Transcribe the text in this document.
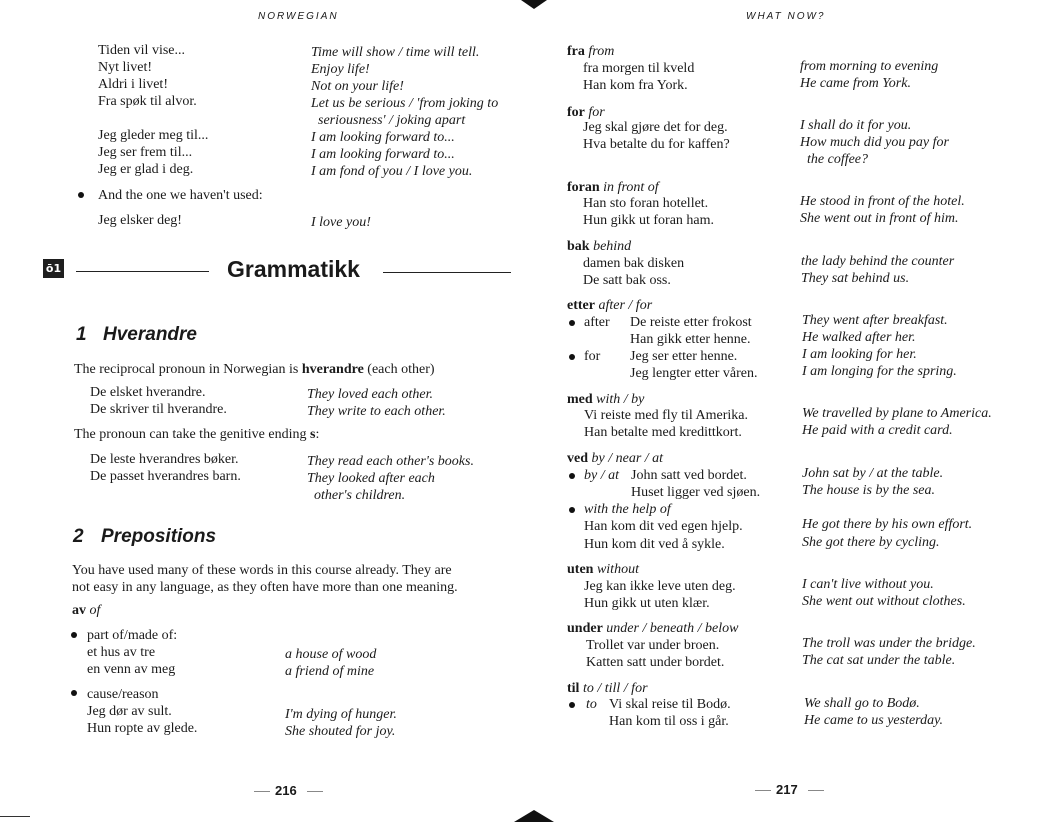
NORWEGIAN
Tiden vil vise...	Time will show / time will tell.
Nyt livet!	Enjoy life!
Aldri i livet!	Not on your life!
Fra spøk til alvor.	Let us be serious / 'from joking to
seriousness' / joking apart
Jeg gleder meg til...	I am looking forward to...
Jeg ser frem til...	I am looking forward to...
Jeg er glad i deg.	I am fond of you / I love you.
And the one we haven't used:
Jeg elsker deg!	I love you!
ō1	Grammatikk
1 Hverandre
The reciprocal pronoun in Norwegian is hverandre (each other)
De elsket hverandre.	They loved each other.
De skriver til hverandre.	They write to each other.
The pronoun can take the genitive ending s:
De leste hverandres bøker.	They read each other's books.
De passet hverandres barn.	They looked after each
other's children.
2 Prepositions
You have used many of these words in this course already. They are
not easy in any language, as they often have more than one meaning.
av of
part of/made of:
et hus av tre	a house of wood
en venn av meg	a friend of mine
cause/reason
Jeg dør av sult.	I'm dying of hunger.
Hun ropte av glede.	She shouted for joy.
216
WHAT NOW?
fra from
fra morgen til kveld	from morning to evening
Han kom fra York.	He came from York.
for for
Jeg skal gjøre det for deg.	I shall do it for you.
Hva betalte du for kaffen?	How much did you pay for
the coffee?
foran in front of
Han sto foran hotellet.	He stood in front of the hotel.
Hun gikk ut foran ham.	She went out in front of him.
bak behind
damen bak disken	the lady behind the counter
De satt bak oss.	They sat behind us.
etter after / for
after De reiste etter frokost	They went after breakfast.
Han gikk etter henne.	He walked after her.
for Jeg ser etter henne.	I am looking for her.
Jeg lengter etter våren.	I am longing for the spring.
med with / by
Vi reiste med fly til Amerika.	We travelled by plane to America.
Han betalte med kredittkort.	He paid with a credit card.
ved by / near / at
by / at John satt ved bordet.	John sat by / at the table.
Huset ligger ved sjøen.	The house is by the sea.
with the help of
Han kom dit ved egen hjelp.	He got there by his own effort.
Hun kom dit ved å sykle.	She got there by cycling.
uten without
Jeg kan ikke leve uten deg.	I can't live without you.
Hun gikk ut uten klær.	She went out without clothes.
under under / beneath / below
Trollet var under broen.	The troll was under the bridge.
Katten satt under bordet.	The cat sat under the table.
til to / till / for
to Vi skal reise til Bodø.	We shall go to Bodø.
Han kom til oss i går.	He came to us yesterday.
217
